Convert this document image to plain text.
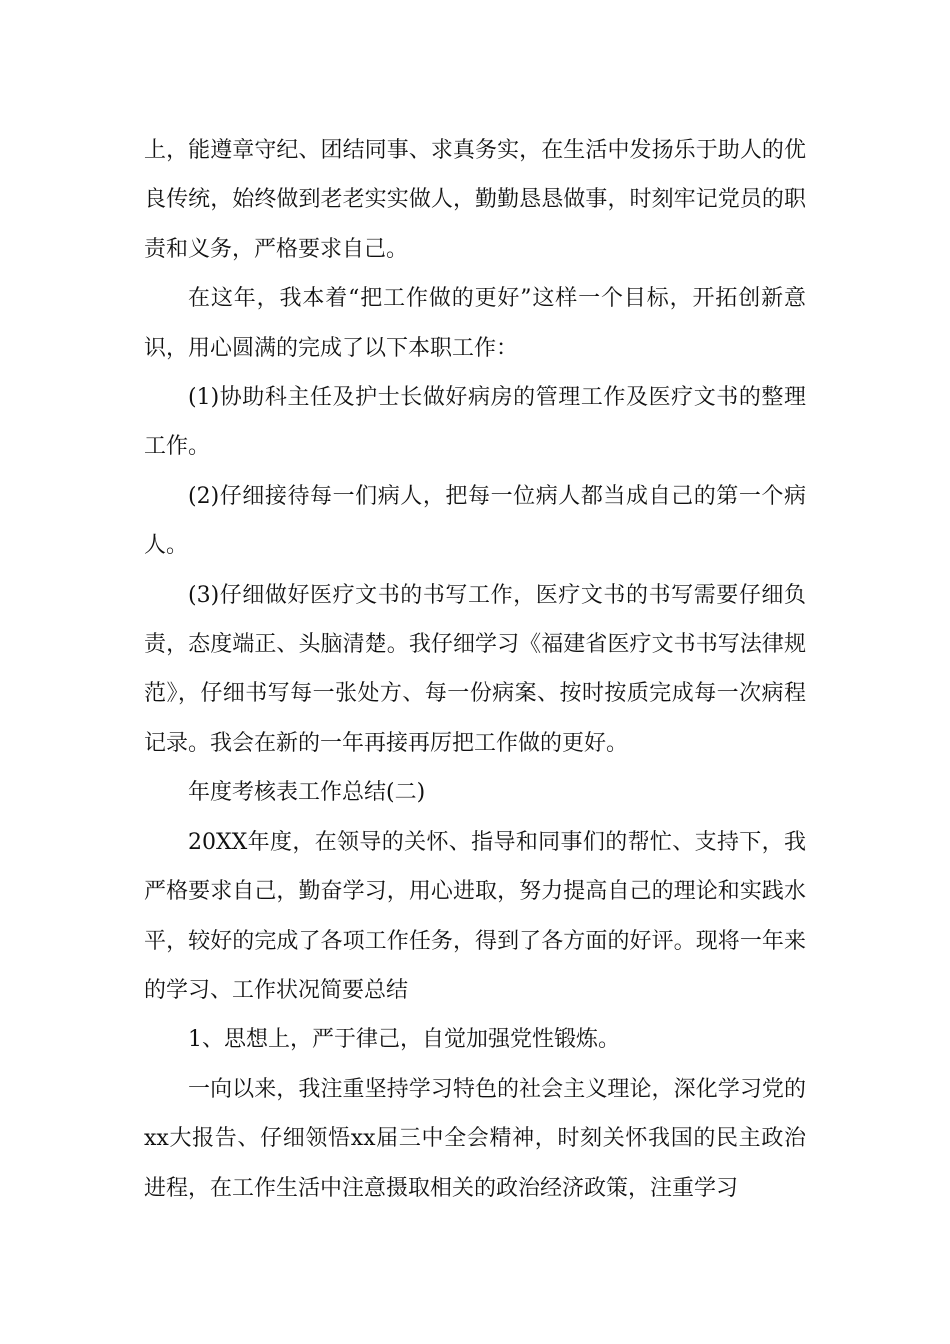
上，能遵章守纪、团结同事、求真务实，在生活中发扬乐于助人的优良传统，始终做到老老实实做人，勤勤恳恳做事，时刻牢记党员的职责和义务，严格要求自己。

在这年，我本着“把工作做的更好”这样一个目标，开拓创新意识，用心圆满的完成了以下本职工作：

(1)协助科主任及护士长做好病房的管理工作及医疗文书的整理工作。

(2)仔细接待每一们病人，把每一位病人都当成自己的第一个病人。

(3)仔细做好医疗文书的书写工作，医疗文书的书写需要仔细负责，态度端正、头脑清楚。我仔细学习《福建省医疗文书书写法律规范》，仔细书写每一张处方、每一份病案、按时按质完成每一次病程记录。我会在新的一年再接再厉把工作做的更好。

年度考核表工作总结(二)

20XX年度，在领导的关怀、指导和同事们的帮忙、支持下，我严格要求自己，勤奋学习，用心进取，努力提高自己的理论和实践水平，较好的完成了各项工作任务，得到了各方面的好评。现将一年来的学习、工作状况简要总结

1、思想上，严于律己，自觉加强党性锻炼。

一向以来，我注重坚持学习特色的社会主义理论，深化学习党的xx大报告、仔细领悟xx届三中全会精神，时刻关怀我国的民主政治进程，在工作生活中注意摄取相关的政治经济政策，注重学习
